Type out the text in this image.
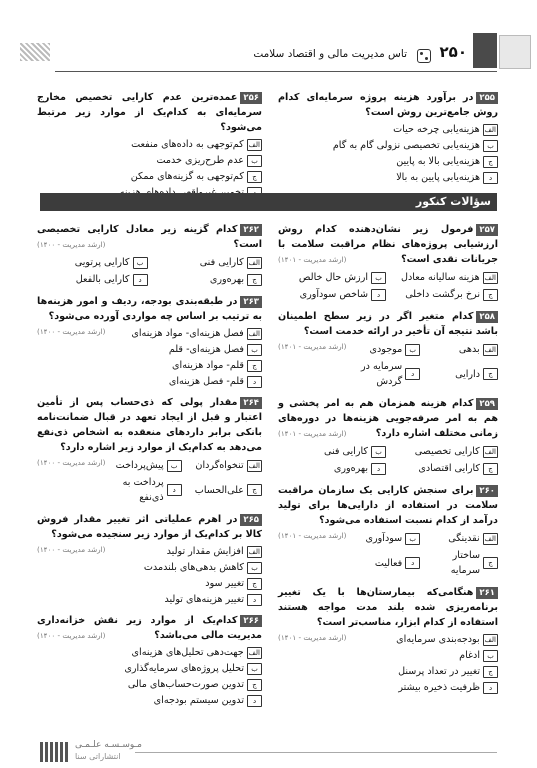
۲۵۰
تاس مدیریت مالی و اقتصاد سلامت
۲۵۵در برآورد هزینه پروژه سرمایه‌ای کدام روش جامع‌ترین روش است؟
الف
هزینه‌یابی چرخه حیات
ب
هزینه‌یابی تخصیصی نزولی گام به گام
ج
هزینه‌یابی بالا به پایین
د
هزینه‌یابی پایین به بالا
۲۵۶عمده‌ترین عدم کارایی تخصیص مخارج سرمایه‌ای به کدام‌یک از موارد زیر مرتبط می‌شود؟
الف
کم‌توجهی به داده‌های منفعت
ب
عدم طرح‌ریزی خدمت
ج
کم‌توجهی به گزینه‌های ممکن
سؤالات کنکور
۲۵۷فرمول زیر نشان‌دهنده کدام روش ارزشیابی پروژه‌های نظام مراقبت سلامت با جریانات نقدی است؟
(ارشد مدیریت - ۱۴۰۱)
الف
هزینه سالیانه معادل
ب
ارزش حال خالص
ج
نرخ برگشت داخلی
د
شاخص سودآوری
۲۵۸کدام متغیر اگر در زیر سطح اطمینان باشد نتیجه آن تأخیر در ارائه خدمت است؟
(ارشد مدیریت - ۱۴۰۱)	الف
بدهی
ب
موجودی
ج
دارایی
د
سرمایه در گردش
۲۵۹کدام هزینه همزمان هم به امر پخشی و هم به امر صرفه‌جویی هزینه‌ها در دوره‌های زمانی مختلف اشاره دارد؟
(ارشد مدیریت - ۱۴۰۱)
الف
کارایی تخصیصی
ب
کارایی فنی
ج
کارایی اقتصادی
د
بهره‌وری
۲۶۰برای سنجش کارایی یک سازمان مراقبت سلامت در استفاده از دارایی‌ها برای تولید درآمد از کدام نسبت استفاده می‌شود؟
(ارشد مدیریت - ۱۴۰۱)	الف
نقدینگی
ب
سودآوری
ج
ساختار سرمایه
د
فعالیت
۲۶۱هنگامی‌که بیمارستان‌ها با یک تغییر برنامه‌ریزی شده بلند مدت مواجه هستند استفاده از کدام ابزار، مناسب‌تر است؟
(ارشد مدیریت - ۱۴۰۱)	الف
بودجه‌بندی سرمایه‌ای
ب
ادغام
ج
تغییر در تعداد پرسنل
د
ظرفیت ذخیره بیشتر
۲۶۲کدام گزینه زیر معادل کارایی تخصیصی است؟
(ارشد مدیریت - ۱۴۰۰)
الف
کارایی فنی
ب
کارایی پرتویی
ج
بهره‌وری
د
کارایی بالفعل
۲۶۳در طبقه‌بندی بودجه، ردیف و امور هزینه‌ها به ترتیب بر اساس چه مواردی آورده می‌شود؟
(ارشد مدیریت - ۱۴۰۰)	الف
فصل هزینه‌ای- مواد هزینه‌ای
ب
فصل هزینه‌ای- قلم
ج
قلم- مواد هزینه‌ای
د
قلم- فصل هزینه‌ای
۲۶۴مقدار پولی که ذی‌حساب پس از تأمین اعتبار و قبل از ایجاد تعهد در قبال ضمانت‌نامه بانکی برابر دارد‌های منعقده به اشخاص ذی‌نفع می‌دهد به کدام‌یک از موارد زیر اشاره دارد؟
(ارشد مدیریت - ۱۴۰۰)	الف
تنخواه‌گردان
ب
پیش‌پرداخت
ج
علی‌الحساب
د
پرداخت به ذی‌نفع
۲۶۵در اهرم عملیاتی اثر تغییر مقدار فروش کالا بر کدام‌یک از موارد زیر سنجیده می‌شود؟
(ارشد مدیریت - ۱۴۰۰)	الف
افزایش مقدار تولید
ب
کاهش بدهی‌های بلندمدت
ج
تغییر سود
د
تغییر هزینه‌های تولید
۲۶۶کدام‌یک از موارد زیر نقش خزانه‌داری مدیریت مالی می‌باشد؟
(ارشد مدیریت - ۱۴۰۰)
الف
جهت‌دهی تحلیل‌های هزینه‌ای
ب
تحلیل پروژه‌های سرمایه‌گذاری
ج
تدوین صورت‌حساب‌های مالی
د
تدوین سیستم بودجه‌ای
مـوسـسـه علـمـی
انتشاراتی سنا
